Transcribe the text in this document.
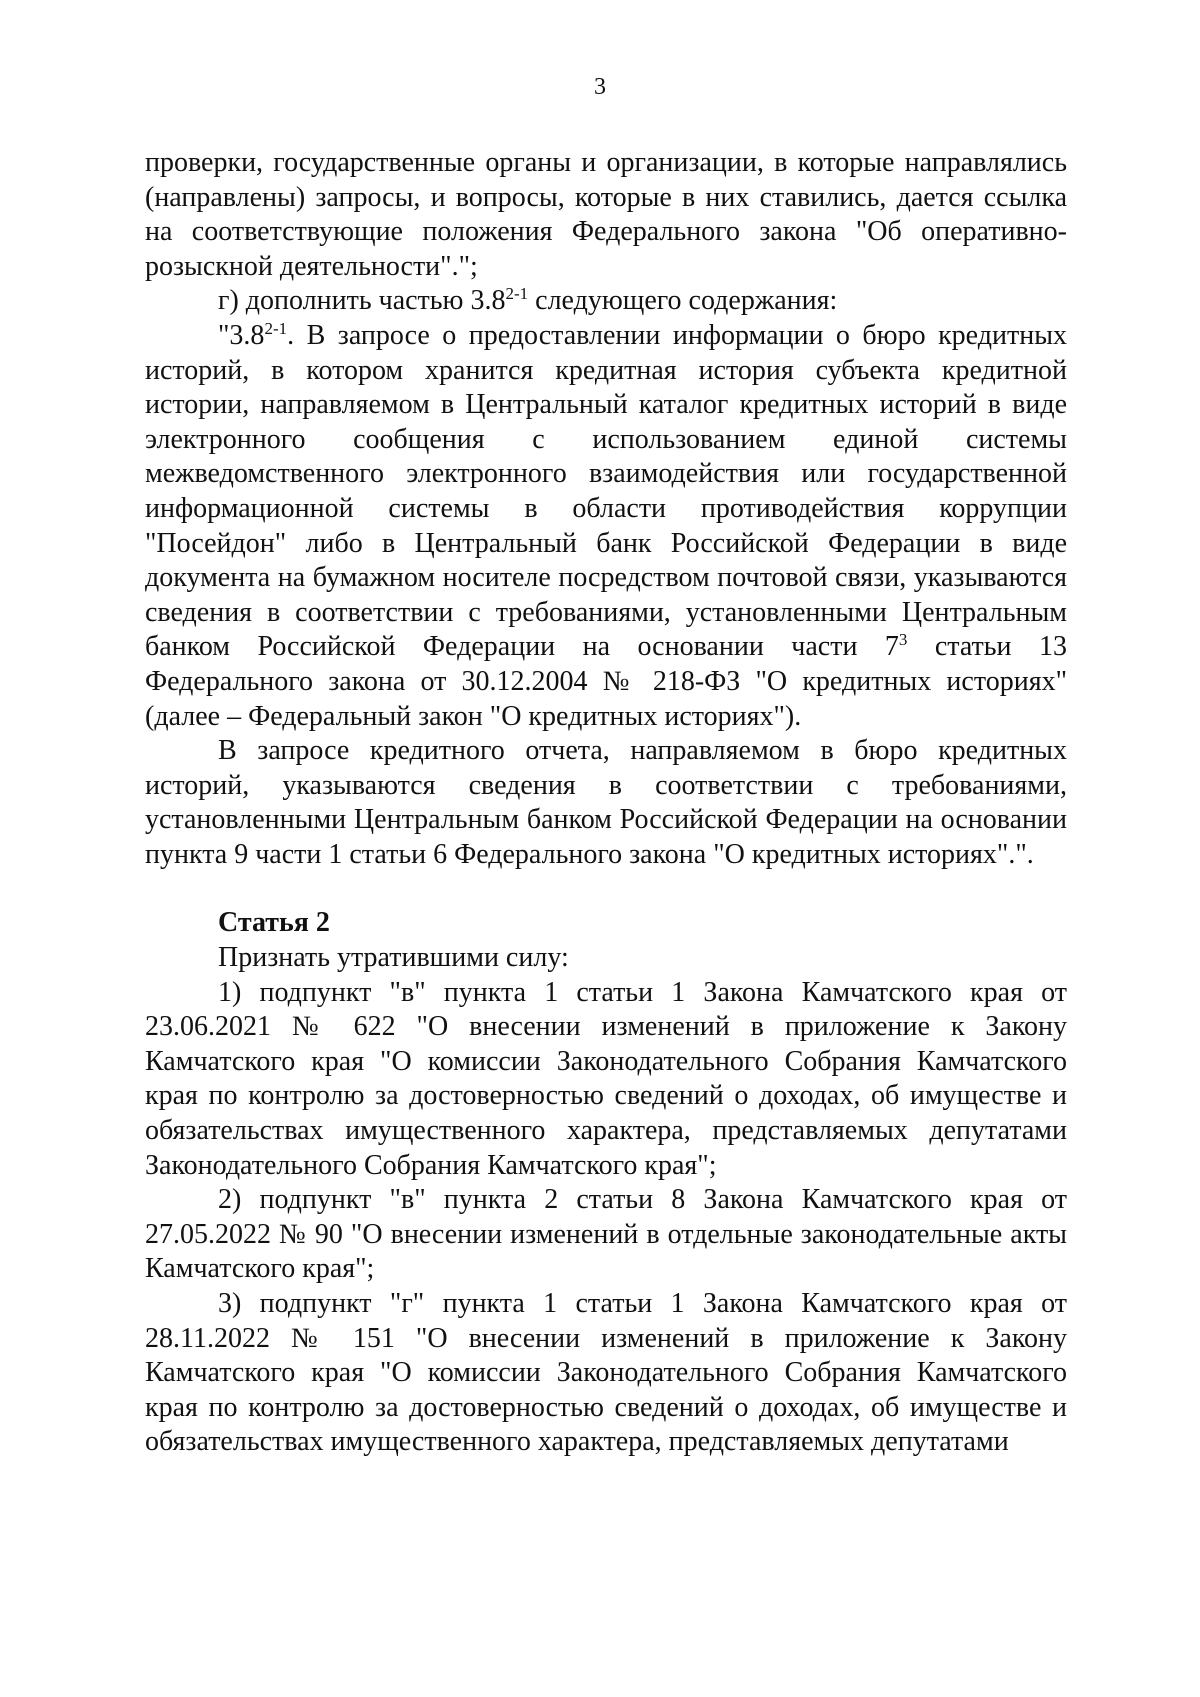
3

проверки, государственные органы и организации, в которые направлялись (направлены) запросы, и вопросы, которые в них ставились, дается ссылка на соответствующие положения Федерального закона "Об оперативно-розыскной деятельности".";

г) дополнить частью 3.8$^{2-1}$ следующего содержания:

"3.8$^{2-1}$. В запросе о предоставлении информации о бюро кредитных историй, в котором хранится кредитная история субъекта кредитной истории, направляемом в Центральный каталог кредитных историй в виде электронного сообщения с использованием единой системы межведомственного электронного взаимодействия или государственной информационной системы в области противодействия коррупции "Посейдон" либо в Центральный банк Российской Федерации в виде документа на бумажном носителе посредством почтовой связи, указываются сведения в соответствии с требованиями, установленными Центральным банком Российской Федерации на основании части $7^3$ статьи 13 Федерального закона от 30.12.2004 № 218-ФЗ "О кредитных историях" (далее – Федеральный закон "О кредитных историях").

В запросе кредитного отчета, направляемом в бюро кредитных историй, указываются сведения в соответствии с требованиями, установленными Центральным банком Российской Федерации на основании пункта 9 части 1 статьи 6 Федерального закона "О кредитных историях".".

Статья 2

Признать утратившими силу:

1) подпункт "в" пункта 1 статьи 1 Закона Камчатского края от 23.06.2021 № 622 "О внесении изменений в приложение к Закону Камчатского края "О комиссии Законодательного Собрания Камчатского края по контролю за достоверностью сведений о доходах, об имуществе и обязательствах имущественного характера, представляемых депутатами Законодательного Собрания Камчатского края";

2) подпункт "в" пункта 2 статьи 8 Закона Камчатского края от 27.05.2022 № 90 "О внесении изменений в отдельные законодательные акты Камчатского края";

3) подпункт "г" пункта 1 статьи 1 Закона Камчатского края от 28.11.2022 № 151 "О внесении изменений в приложение к Закону Камчатского края "О комиссии Законодательного Собрания Камчатского края по контролю за достоверностью сведений о доходах, об имуществе и обязательствах имущественного характера, представляемых депутатами
